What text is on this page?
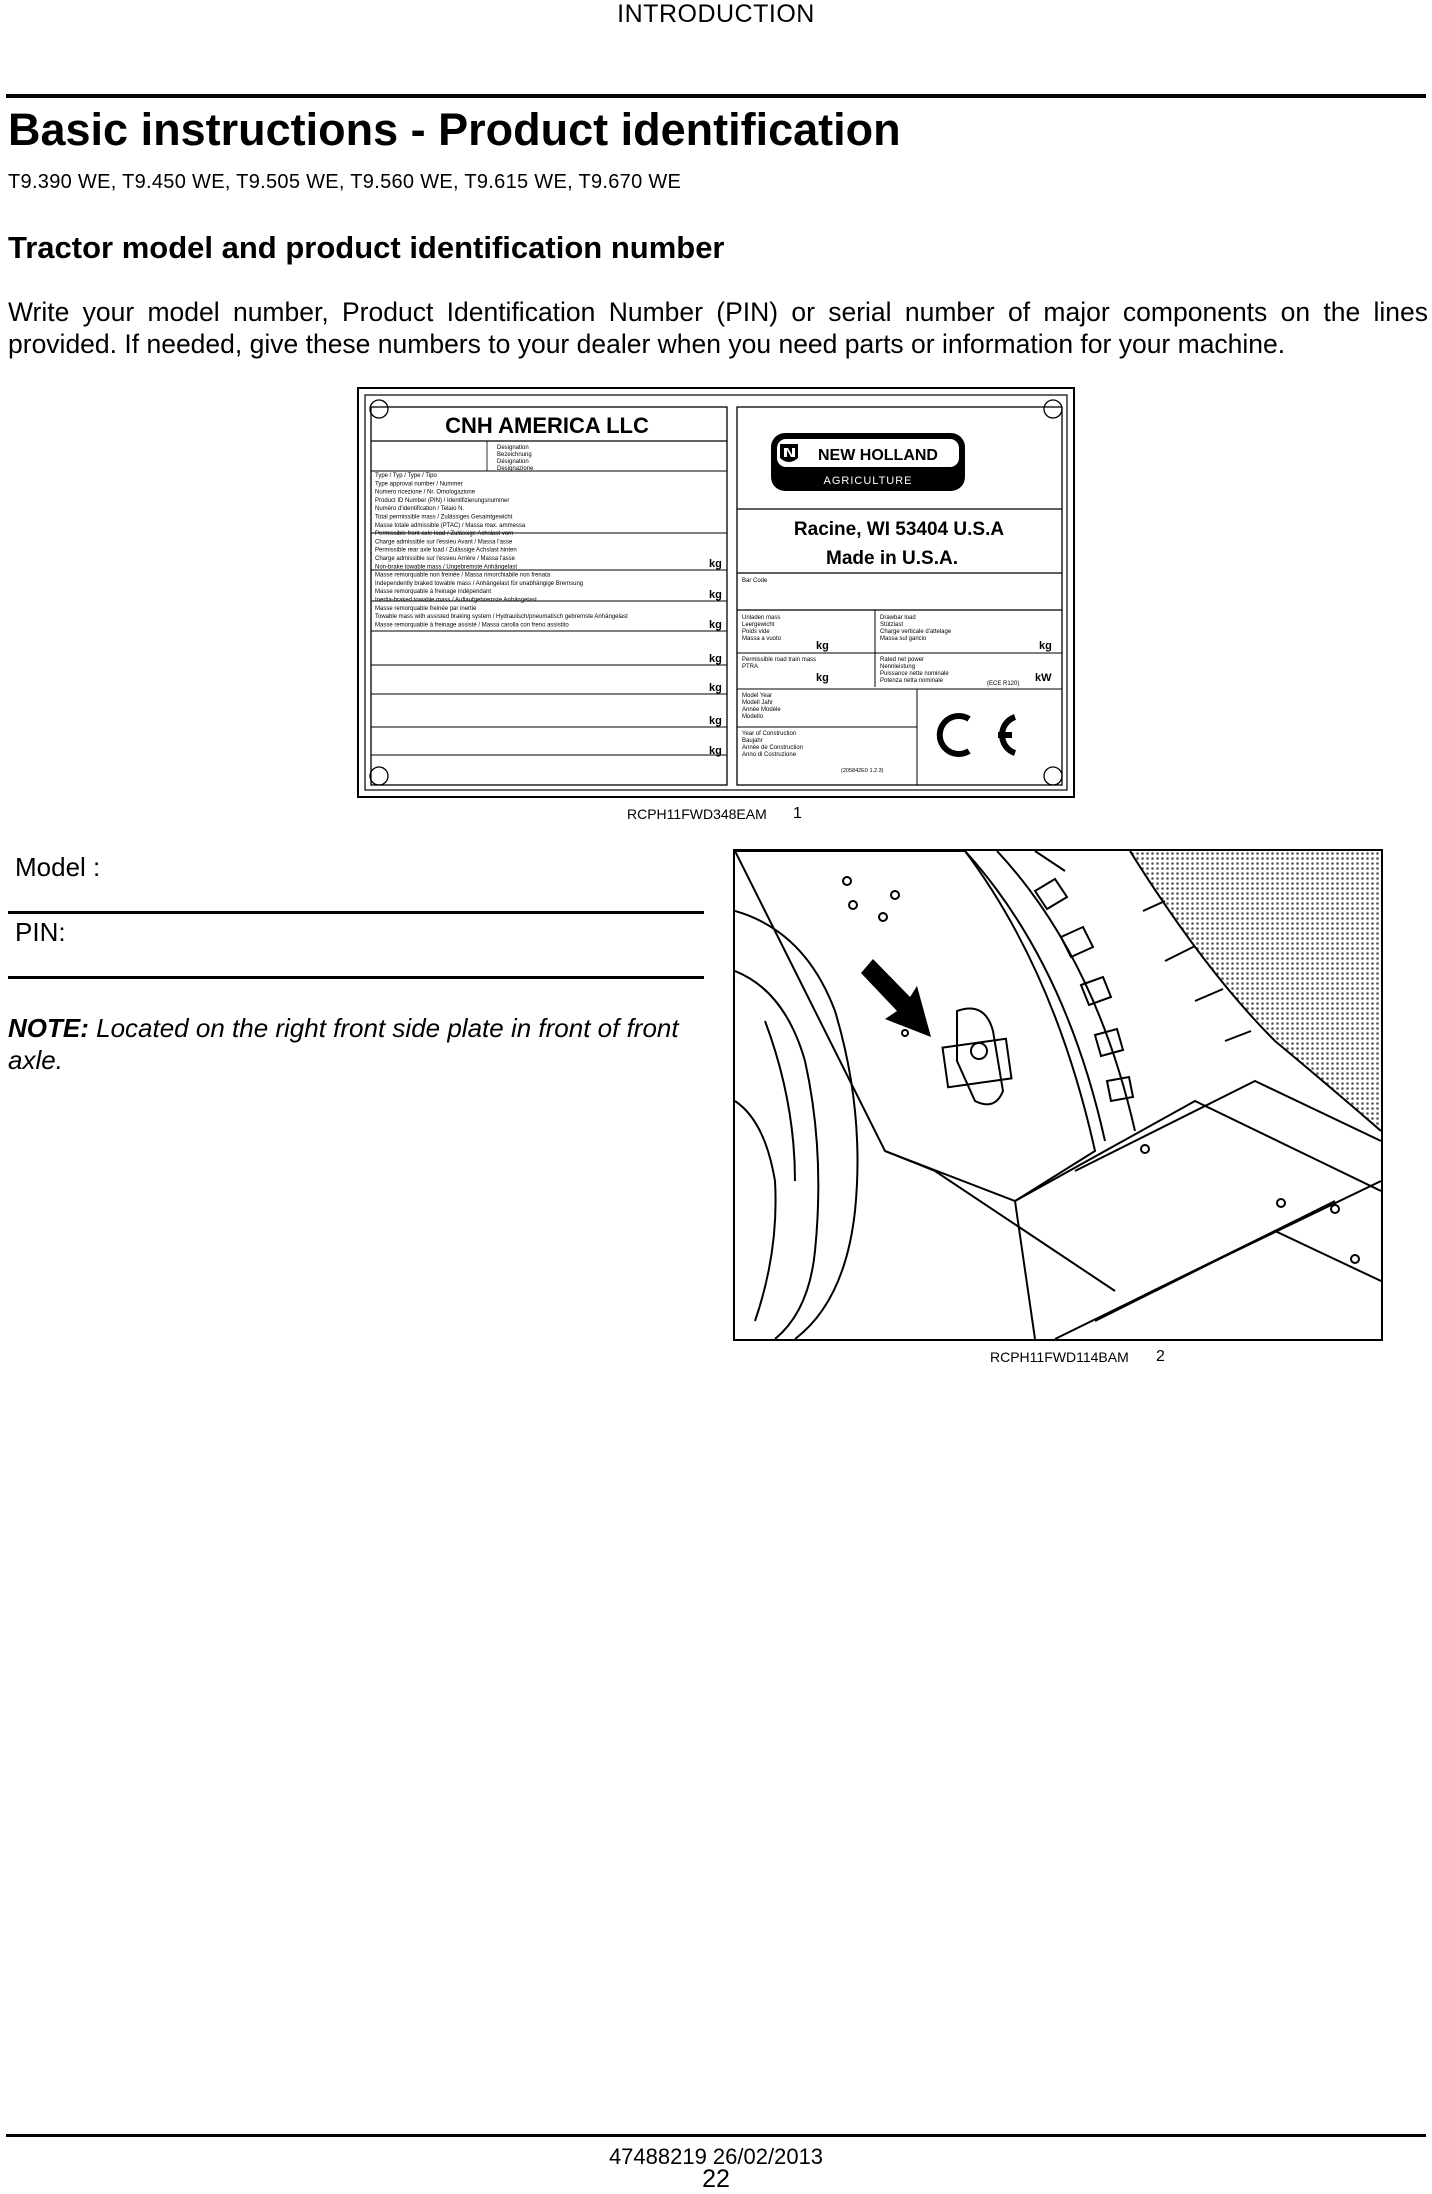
INTRODUCTION
Basic instructions - Product identification
T9.390 WE, T9.450 WE, T9.505 WE, T9.560 WE, T9.615 WE, T9.670 WE
Tractor model and product identification number
Write your model number, Product Identification Number (PIN) or serial number of major components on the lines provided. If needed, give these numbers to your dealer when you need parts or information for your machine.
CNH AMERICA LLC
Designation
Bezeichnung
Désignation
Designazione
Type / Typ / Type / Tipo
Type approval number / Nummer
Numero ricezione / Nr. Omologazione
Product ID Number (PIN) / Identifizierungsnummer
Numéro d'identification / Telaio N.
Total permissible mass / Zulässiges Gesamtgewicht
Masse totale admissible (PTAC) / Massa max. ammessa
Permissible front axle load / Zulässige Achslast vorn
Charge admissible sur l'essieu Avant / Massa l'asse
Permissible rear axle load / Zulässige Achslast hinten
Charge admissible sur l'essieu Arrière / Massa l'asse
Non-brake towable mass / Ungebremste Anhängelast
Masse remorquable non freinée / Massa rimorchiabile non frenata
Independently braked towable mass / Anhängelast für unabhängige Bremsung
Masse remorquable à freinage indépendant
Inertia-braked towable mass / Auflaufgebremste Anhängelast
Masse remorquable freinée par inertie
Towable mass with assisted braking system / Hydraulisch/pneumatisch gebremste Anhängelast
Masse remorquable à freinage assisté / Massa carolla con freno assistito
kg
kg
kg
kg
kg
kg
kg
NEW HOLLAND
AGRICULTURE
Racine, WI 53404 U.S.A
Made in U.S.A.
Bar Code
Unladen mass
Leergewicht
Poids vide
Massa a vuoto
Drawbar load
Stützlast
Charge verticale d'attelage
Massa sul gancio
kg	kg
Permissible road train mass
PTRA
Rated net power
Nennleistung
Puissance nette nominale
Potenza netta nominale
kg	(ECE R120) kW
Model Year
Modell Jahr
Année Modèle
Modello
Year of Construction
Baujahr
Année de Construction
Anno di Costruzione
(205842E0 1.2.3)
RCPH11FWD348EAM 1
Model :
PIN:
NOTE: Located on the right front side plate in front of front axle.
RCPH11FWD114BAM 2
47488219 26/02/2013
22
